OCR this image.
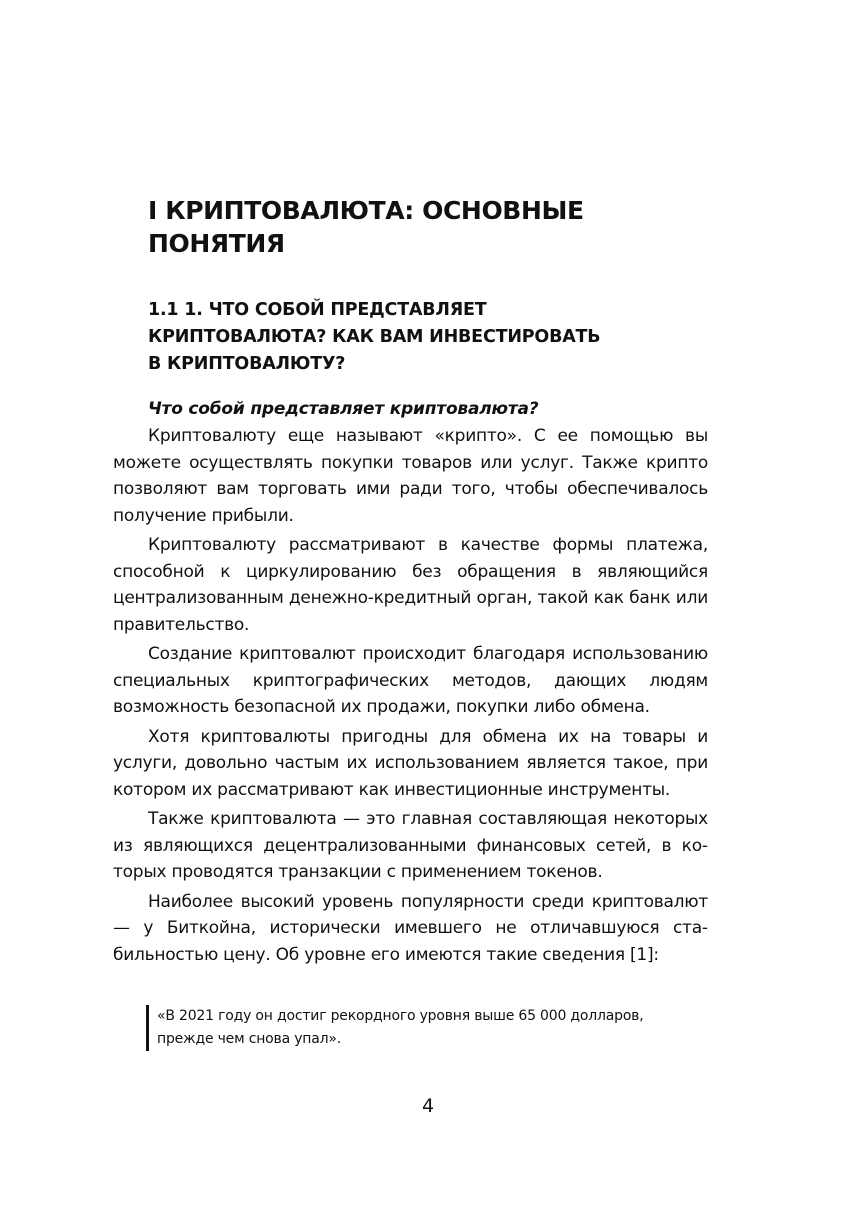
I КРИПТОВАЛЮТА: ОСНОВНЫЕ
ПОНЯТИЯ
1.1 1. ЧТО СОБОЙ ПРЕДСТАВЛЯЕТ
КРИПТОВАЛЮТА? КАК ВАМ ИНВЕСТИРОВАТЬ
В КРИПТОВАЛЮТУ?

Что собой представляет криптовалюта?

Криптовалюту еще называют «крипто». С ее помощью вы можете осуществлять покупки товаров или услуг. Также крипто позволяют вам торговать ими ради того, чтобы обеспечивалось получение прибыли.

Криптовалюту рассматривают в качестве формы платежа, способной к циркулированию без обращения в являющийся централизованным денежно-кредитный орган, такой как банк или правительство.

Создание криптовалют происходит благодаря использованию специальных криптографических методов, дающих людям возможность безопасной их продажи, покупки либо обмена.

Хотя криптовалюты пригодны для обмена их на товары и услуги, довольно частым их использованием является такое, при котором их рассматривают как инвестиционные инструменты.

Также криптовалюта — это главная составляющая некоторых из являющихся децентрализованными финансовых сетей, в которых проводятся транзакции с применением токенов.

Наиболее высокий уровень популярности среди криптовалют — у Биткойна, исторически имевшего не отличавшуюся стабильностью цену. Об уровне его имеются такие сведения [1]:

«В 2021 году он достиг рекордного уровня выше 65 000 долларов,
прежде чем снова упал».
4
